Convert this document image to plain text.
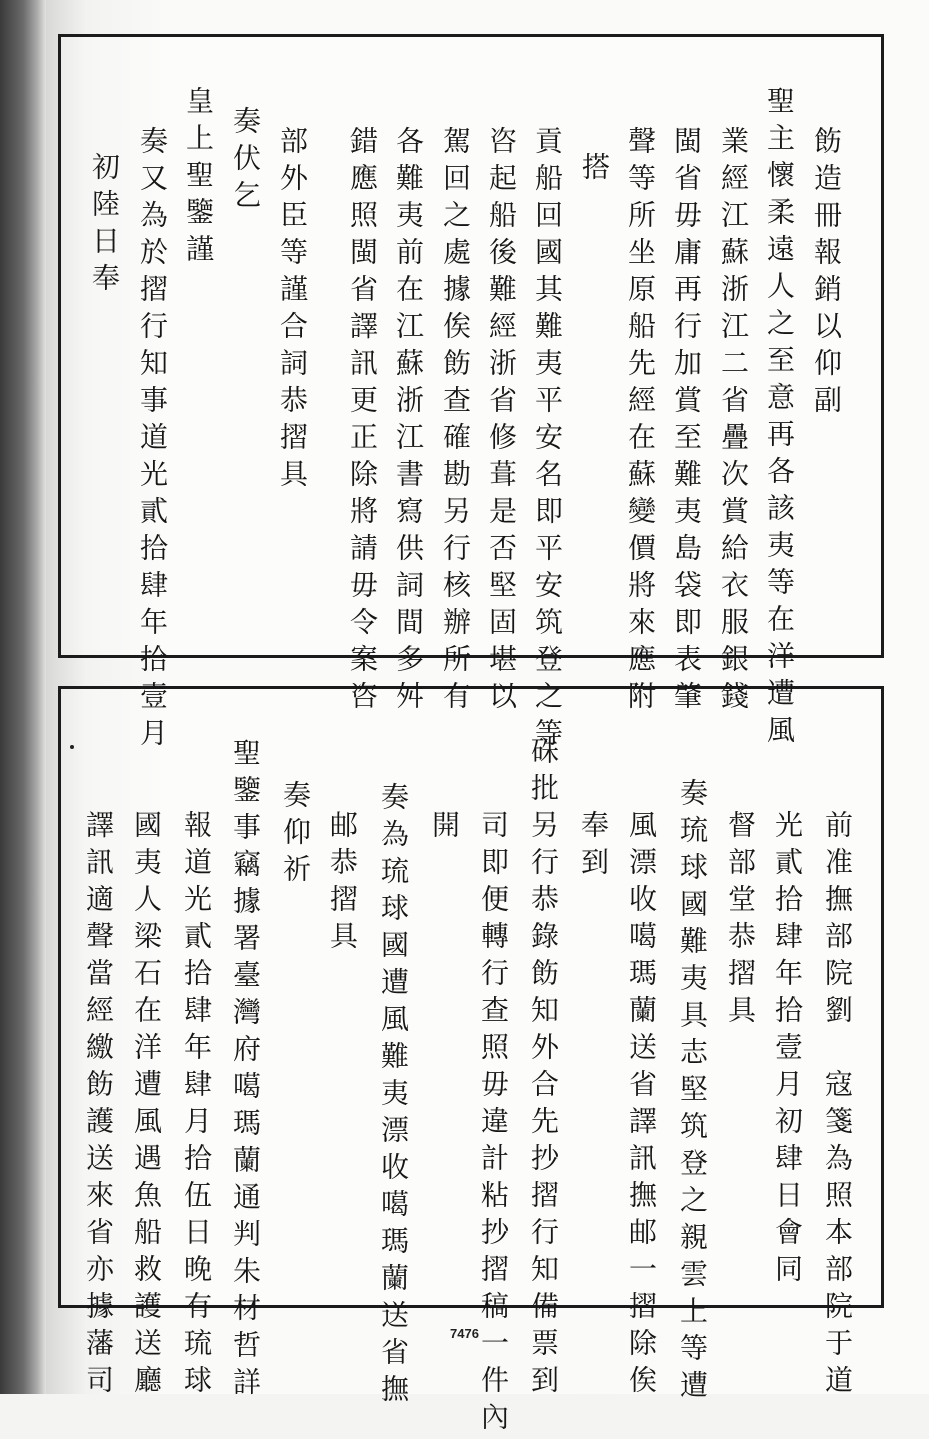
飭造冊報銷以仰副
聖主懷柔遠人之至意再各該夷等在洋遭風
業經江蘇浙江二省疊次賞給衣服銀錢
閩省毋庸再行加賞至難夷島袋即表肇
聲等所坐原船先經在蘇變價將來應附
搭
貢船回國其難夷平安名即平安筑登之等
咨起船後難經浙省修葺是否堅固堪以
駕回之處據俟飭查確勘另行核辦所有
各難夷前在江蘇浙江書寫供詞間多舛
錯應照閩省譯訊更正除將請毋令案咨
部外臣等謹合詞恭摺具
奏伏乞
皇上聖鑒謹
奏又為於摺行知事道光貳拾肆年拾壹月
初陸日奉
前准撫部院劉　寇箋為照本部院于道
光貳拾肆年拾壹月初肆日會同
督部堂恭摺具
奏琉球國難夷具志堅筑登之親雲上等遭
風漂收噶瑪蘭送省譯訊撫邮一摺除俟
奉到
硃批另行恭錄飭知外合先抄摺行知備票到
司即便轉行查照毋違計粘抄摺稿一件內
開
奏為琉球國遭風難夷漂收噶瑪蘭送省撫
邮恭摺具
奏仰祈
聖鑒事竊據署臺灣府噶瑪蘭通判朱材哲詳
報道光貳拾肆年肆月拾伍日晚有琉球
國夷人梁石在洋遭風遇魚船救護送廳
譯訊適聲當經繳飭護送來省亦據藩司	7476
